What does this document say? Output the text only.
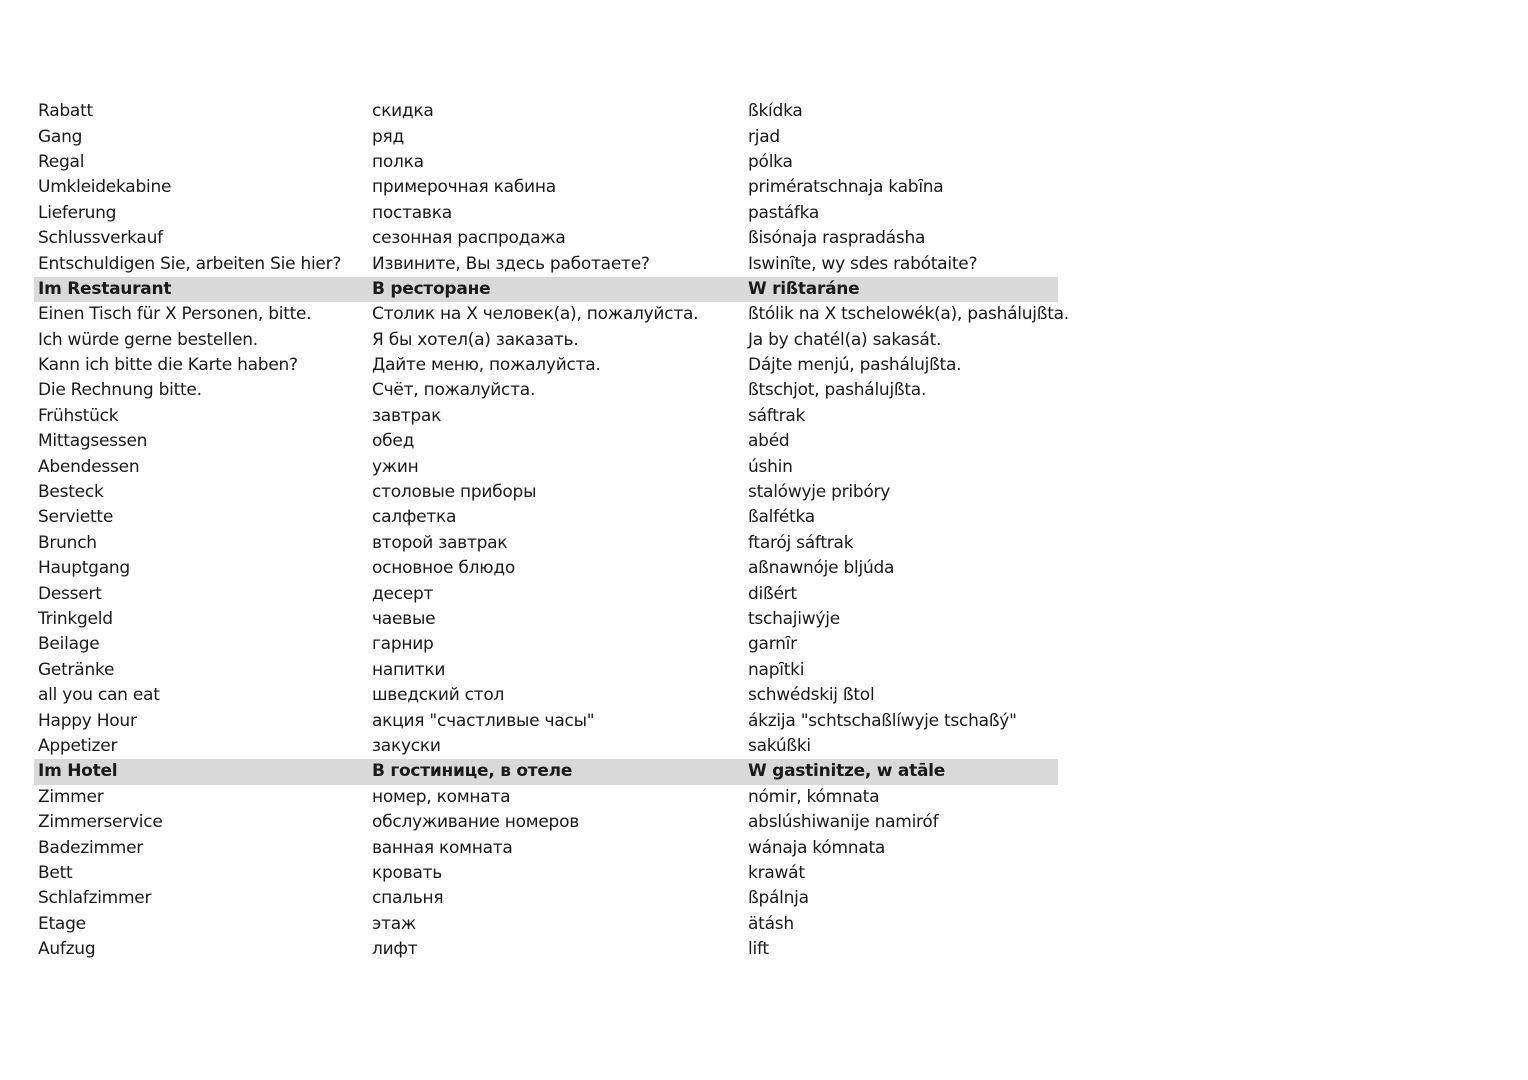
Rabatt	скидка	ßkídka
Gang	ряд	rjad
Regal	полка	pólka
Umkleidekabine	примерочная кабина	primératschnaja kabȋna
Lieferung	поставка	pastáfka
Schlussverkauf	сезонная распродажа	ßisónaja raspradásha
Entschuldigen Sie, arbeiten Sie hier?	Извините, Вы здесь работаете?	Iswinȋte, wy sdes rabótaite?
Im Restaurant	В ресторане	W rißtaráne
Einen Tisch für X Personen, bitte.	Столик на X человек(а), пожалуйста.	ßtólik na X tschelowék(a), pashálujßta.
Ich würde gerne bestellen.	Я бы хотел(а) заказать.	Ja by chatél(a) sakasát.
Kann ich bitte die Karte haben?	Дайте меню, пожалуйста.	Dájte menjú, pashálujßta.
Die Rechnung bitte.	Счёт, пожалуйста.	ßtschjot, pashálujßta.
Frühstück	завтрак	sáftrak
Mittagsessen	обед	abéd
Abendessen	ужин	úshin
Besteck	столовые приборы	stalówyje pribóry
Serviette	салфетка	ßalfétka
Brunch	второй завтрак	ftarój sáftrak
Hauptgang	основное блюдо	aßnawnóje bljúda
Dessert	десерт	dißért
Trinkgeld	чаевые	tschajiwýje
Beilage	гарнир	garnȋr
Getränke	напитки	napȋtki
all you can eat	шведский стол	schwédskij ßtol
Happy Hour	акция "счастливые часы"	ákzija "schtschaßlíwyje tschaßý"
Appetizer	закуски	sakúßki
Im Hotel	В гостинице, в отеле	W gastinitze, w atāle
Zimmer	номер, комната	nómir, kómnata
Zimmerservice	обслуживание номеров	abslúshiwanije namiróf
Badezimmer	ванная комната	wánaja kómnata
Bett	кровать	krawát
Schlafzimmer	спальня	ßpálnja
Etage	этаж	ätásh
Aufzug	лифт	lift
